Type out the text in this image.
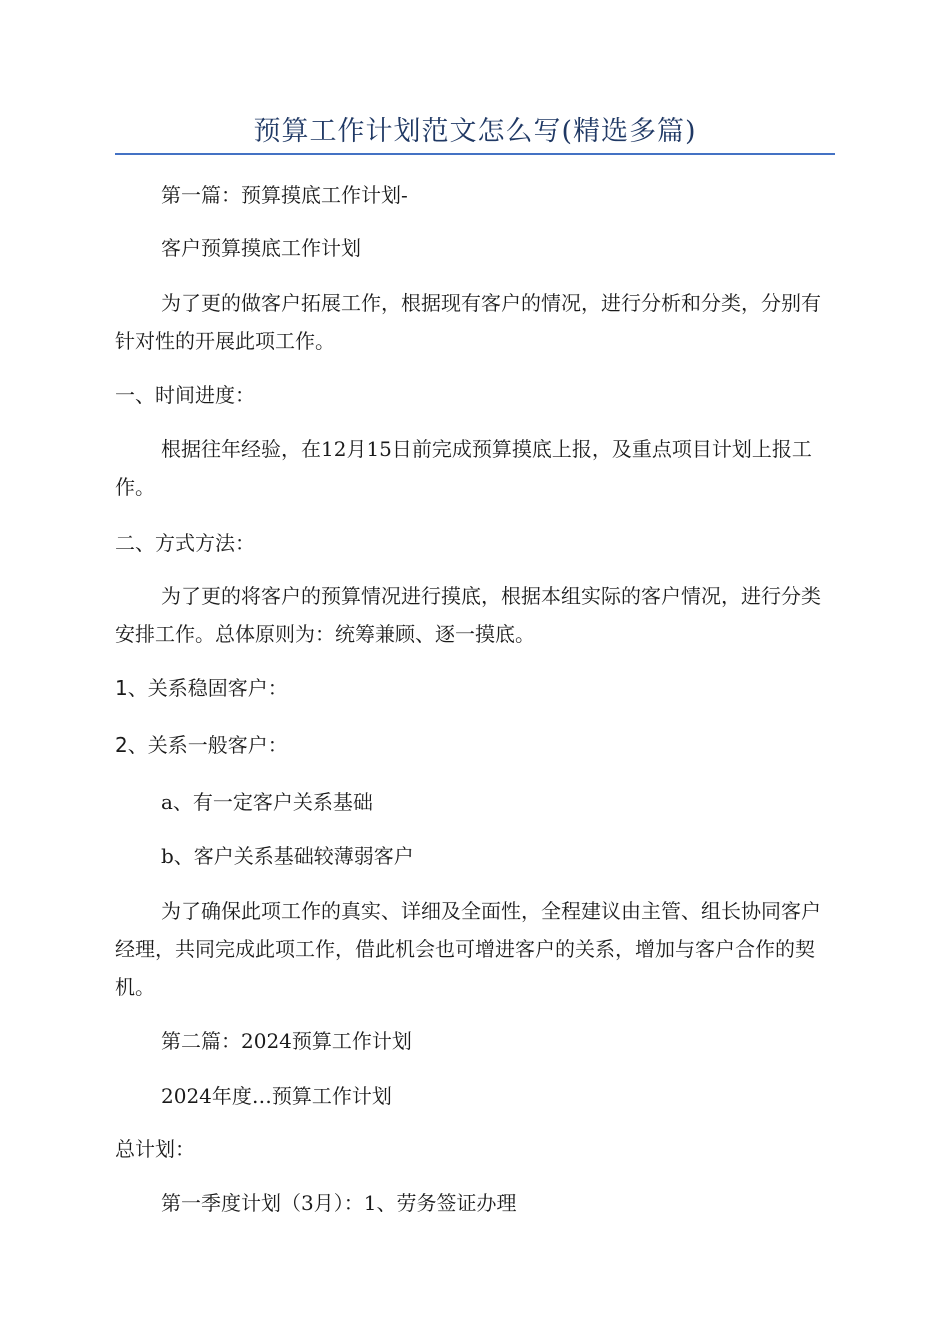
预算工作计划范文怎么写(精选多篇)

第一篇：预算摸底工作计划-

客户预算摸底工作计划

为了更的做客户拓展工作，根据现有客户的情况，进行分析和分类，分别有针对性的开展此项工作。

一、时间进度：

根据往年经验，在12月15日前完成预算摸底上报，及重点项目计划上报工作。

二、方式方法：

为了更的将客户的预算情况进行摸底，根据本组实际的客户情况，进行分类安排工作。总体原则为：统筹兼顾、逐一摸底。

1、关系稳固客户：

2、关系一般客户：

a、有一定客户关系基础

b、客户关系基础较薄弱客户

为了确保此项工作的真实、详细及全面性，全程建议由主管、组长协同客户经理，共同完成此项工作，借此机会也可增进客户的关系，增加与客户合作的契机。

第二篇：2024预算工作计划

2024年度…预算工作计划

总计划：

第一季度计划（3月）：1、劳务签证办理
